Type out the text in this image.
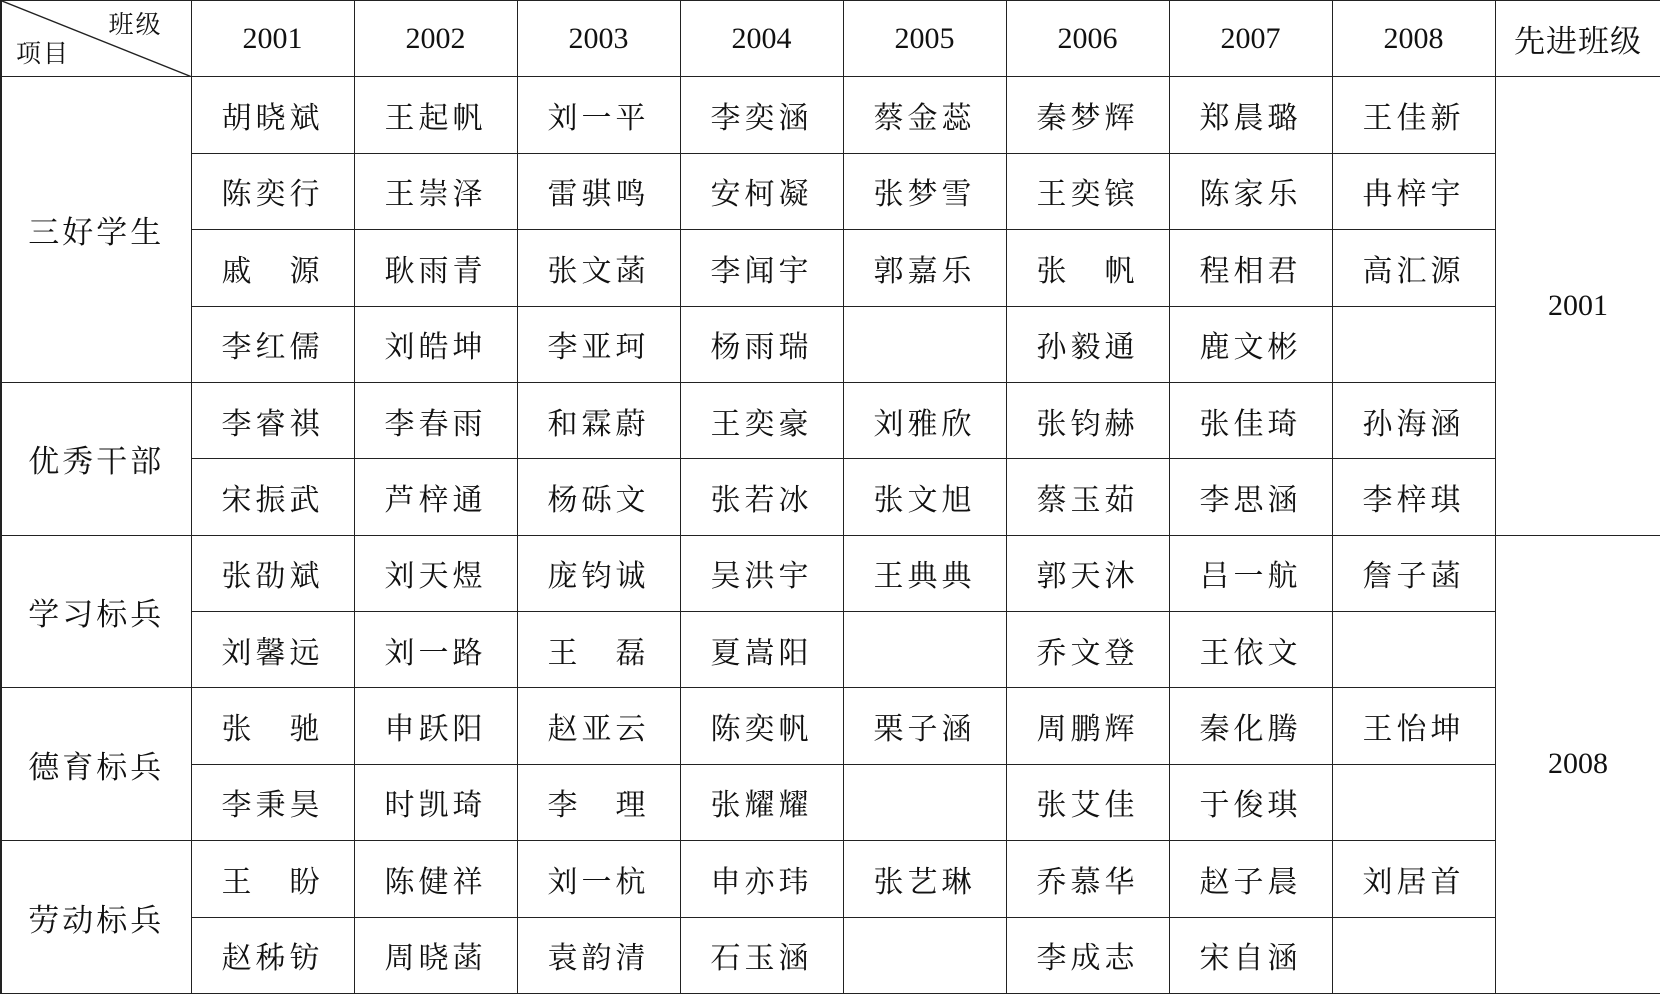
班级
项目	2001	2002	2003	2004	2005	2006	2007	2008	先进班级
三好学生	胡晓斌	王起帆	刘一平	李奕涵	蔡金蕊	秦梦辉	郑晨璐	王佳新	2001
	陈奕行	王崇泽	雷骐鸣	安柯凝	张梦雪	王奕镔	陈家乐	冉梓宇	
	戚　源	耿雨青	张文菡	李闻宇	郭嘉乐	张　帆	程相君	高汇源	
	李红儒	刘皓坤	李亚珂	杨雨瑞		孙毅通	鹿文彬		
优秀干部	李睿祺	李春雨	和霖蔚	王奕豪	刘雅欣	张钧赫	张佳琦	孙海涵	
	宋振武	芦梓通	杨砾文	张若冰	张文旭	蔡玉茹	李思涵	李梓琪	
学习标兵	张劭斌	刘天煜	庞钧诚	吴洪宇	王典典	郭天沐	吕一航	詹子菡	2008
	刘馨远	刘一路	王　磊	夏嵩阳		乔文登	王依文		
德育标兵	张　驰	申跃阳	赵亚云	陈奕帆	栗子涵	周鹏辉	秦化腾	王怡坤	
	李秉昊	时凯琦	李　理	张耀耀		张艾佳	于俊琪		
劳动标兵	王　盼	陈健祥	刘一杭	申亦玮	张艺琳	乔慕华	赵子晨	刘居首	
	赵秭钫	周晓菡	袁韵清	石玉涵		李成志	宋自涵		
